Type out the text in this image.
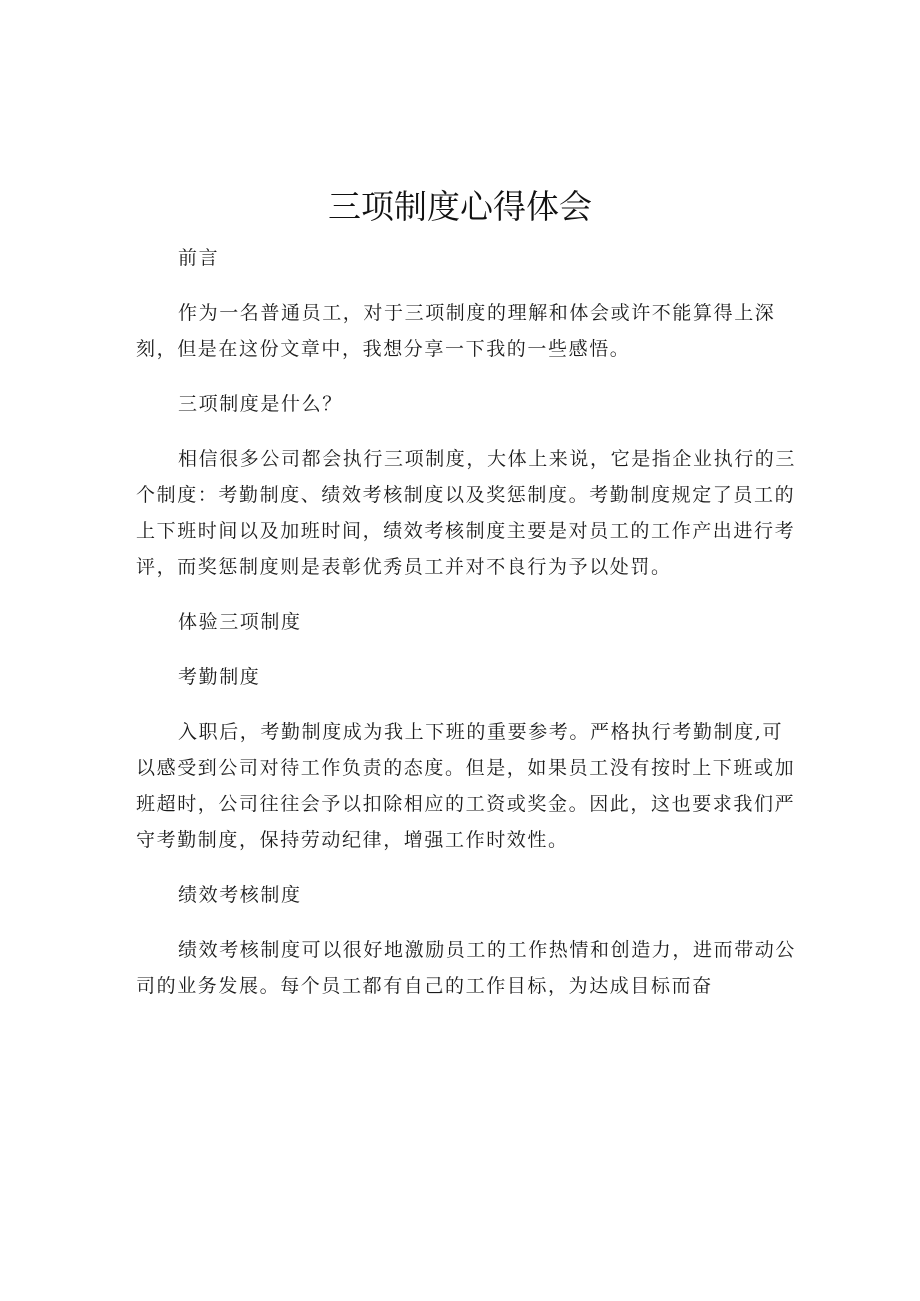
三项制度心得体会

前言

作为一名普通员工，对于三项制度的理解和体会或许不能算得上深刻，但是在这份文章中，我想分享一下我的一些感悟。

三项制度是什么？

相信很多公司都会执行三项制度，大体上来说，它是指企业执行的三个制度：考勤制度、绩效考核制度以及奖惩制度。考勤制度规定了员工的上下班时间以及加班时间，绩效考核制度主要是对员工的工作产出进行考评，而奖惩制度则是表彰优秀员工并对不良行为予以处罚。

体验三项制度

考勤制度

入职后，考勤制度成为我上下班的重要参考。严格执行考勤制度,可以感受到公司对待工作负责的态度。但是，如果员工没有按时上下班或加班超时，公司往往会予以扣除相应的工资或奖金。因此，这也要求我们严守考勤制度，保持劳动纪律，增强工作时效性。

绩效考核制度

绩效考核制度可以很好地激励员工的工作热情和创造力，进而带动公司的业务发展。每个员工都有自己的工作目标，为达成目标而奋
